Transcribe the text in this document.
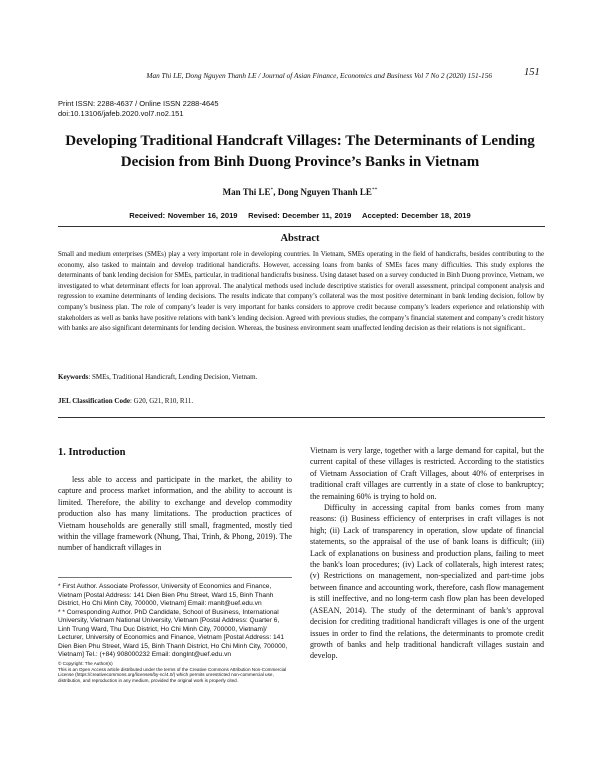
Man Thi LE, Dong Nguyen Thanh LE / Journal of Asian Finance, Economics and Business Vol 7 No 2 (2020) 151-156	151
Print ISSN: 2288-4637 / Online ISSN 2288-4645
doi:10.13106/jafeb.2020.vol7.no2.151
Developing Traditional Handcraft Villages: The Determinants of Lending
Decision from Binh Duong Province’s Banks in Vietnam
Man Thi LE*, Dong Nguyen Thanh LE**
Received: November 16, 2019 Revised: December 11, 2019 Accepted: December 18, 2019
Abstract
Small and medium enterprises (SMEs) play a very important role in developing countries. In Vietnam, SMEs operating in the field of handicrafts, besides contributing to the economy, also tasked to maintain and develop traditional handicrafts. However, accessing loans from banks of SMEs faces many difficulties. This study explores the determinants of bank lending decision for SMEs, particular, in traditional handicrafts business. Using dataset based on a survey conducted in Binh Duong province, Vietnam, we investigated to what determinant effects for loan approval. The analytical methods used include descriptive statistics for overall assessment, principal component analysis and regression to examine determinants of lending decisions. The results indicate that company’s collateral was the most positive determinant in bank lending decision, follow by company’s business plan. The role of company’s leader is very important for banks considers to approve credit because company’s leaders experience and relationship with stakeholders as well as banks have positive relations with bank’s lending decision. Agreed with previous studies, the company’s financial statement and company’s credit history with banks are also significant determinants for lending decision. Whereas, the business environment seam unaffected lending decision as their relations is not significant..
Keywords: SMEs, Traditional Handicraft, Lending Decision, Vietnam.
JEL Classification Code: G20, G21, R10, R11.
1. Introduction
less able to access and participate in the market, the ability to capture and process market information, and the ability to account is limited. Therefore, the ability to exchange and develop commodity production also has many limitations. The production practices of Vietnam households are generally still small, fragmented, mostly tied within the village framework (Nhung, Thai, Trinh, & Phong, 2019). The number of handicraft villages in

* First Author. Associate Professor, University of Economics and Finance, Vietnam [Postal Address: 141 Dien Bien Phu Street, Ward 15, Binh Thanh District, Ho Chi Minh City, 700000, Vietnam] Email: manlt@uef.edu.vn

* * Corresponding Author. PhD Candidate, School of Business, International University, Vietnam National University, Vietnam [Postal Address: Quarter 6, Linh Trung Ward, Thu Duc District, Ho Chi Minh City, 700000, Vietnam]/ Lecturer, University of Economics and Finance, Vietnam [Postal Address: 141 Dien Bien Phu Street, Ward 15, Binh Thanh District, Ho Chi Minh City, 700000, Vietnam] Tel.: (+84) 908000232 Email: donglnt@uef.edu.vn

© Copyright: The Author(s)

This is an Open Access article distributed under the terms of the Creative Commons Attribution Non-Commercial License (https://creativecommons.org/licenses/by-nc/4.0/) which permits unrestricted non-commercial use, distribution, and reproduction in any medium, provided the original work is properly cited.

Vietnam is very large, together with a large demand for capital, but the current capital of these villages is restricted. According to the statistics of Vietnam Association of Craft Villages, about 40% of enterprises in traditional craft villages are currently in a state of close to bankruptcy; the remaining 60% is trying to hold on.

Difficulty in accessing capital from banks comes from many reasons: (i) Business efficiency of enterprises in craft villages is not high; (ii) Lack of transparency in operation, slow update of financial statements, so the appraisal of the use of bank loans is difficult; (iii) Lack of explanations on business and production plans, failing to meet the bank's loan procedures; (iv) Lack of collaterals, high interest rates; (v) Restrictions on management, non-specialized and part-time jobs between finance and accounting work, therefore, cash flow management is still ineffective, and no long-term cash flow plan has been developed (ASEAN, 2014). The study of the determinant of bank’s approval decision for crediting traditional handicraft villages is one of the urgent issues in order to find the relations, the determinants to promote credit growth of banks and help traditional handicraft villages sustain and develop.
